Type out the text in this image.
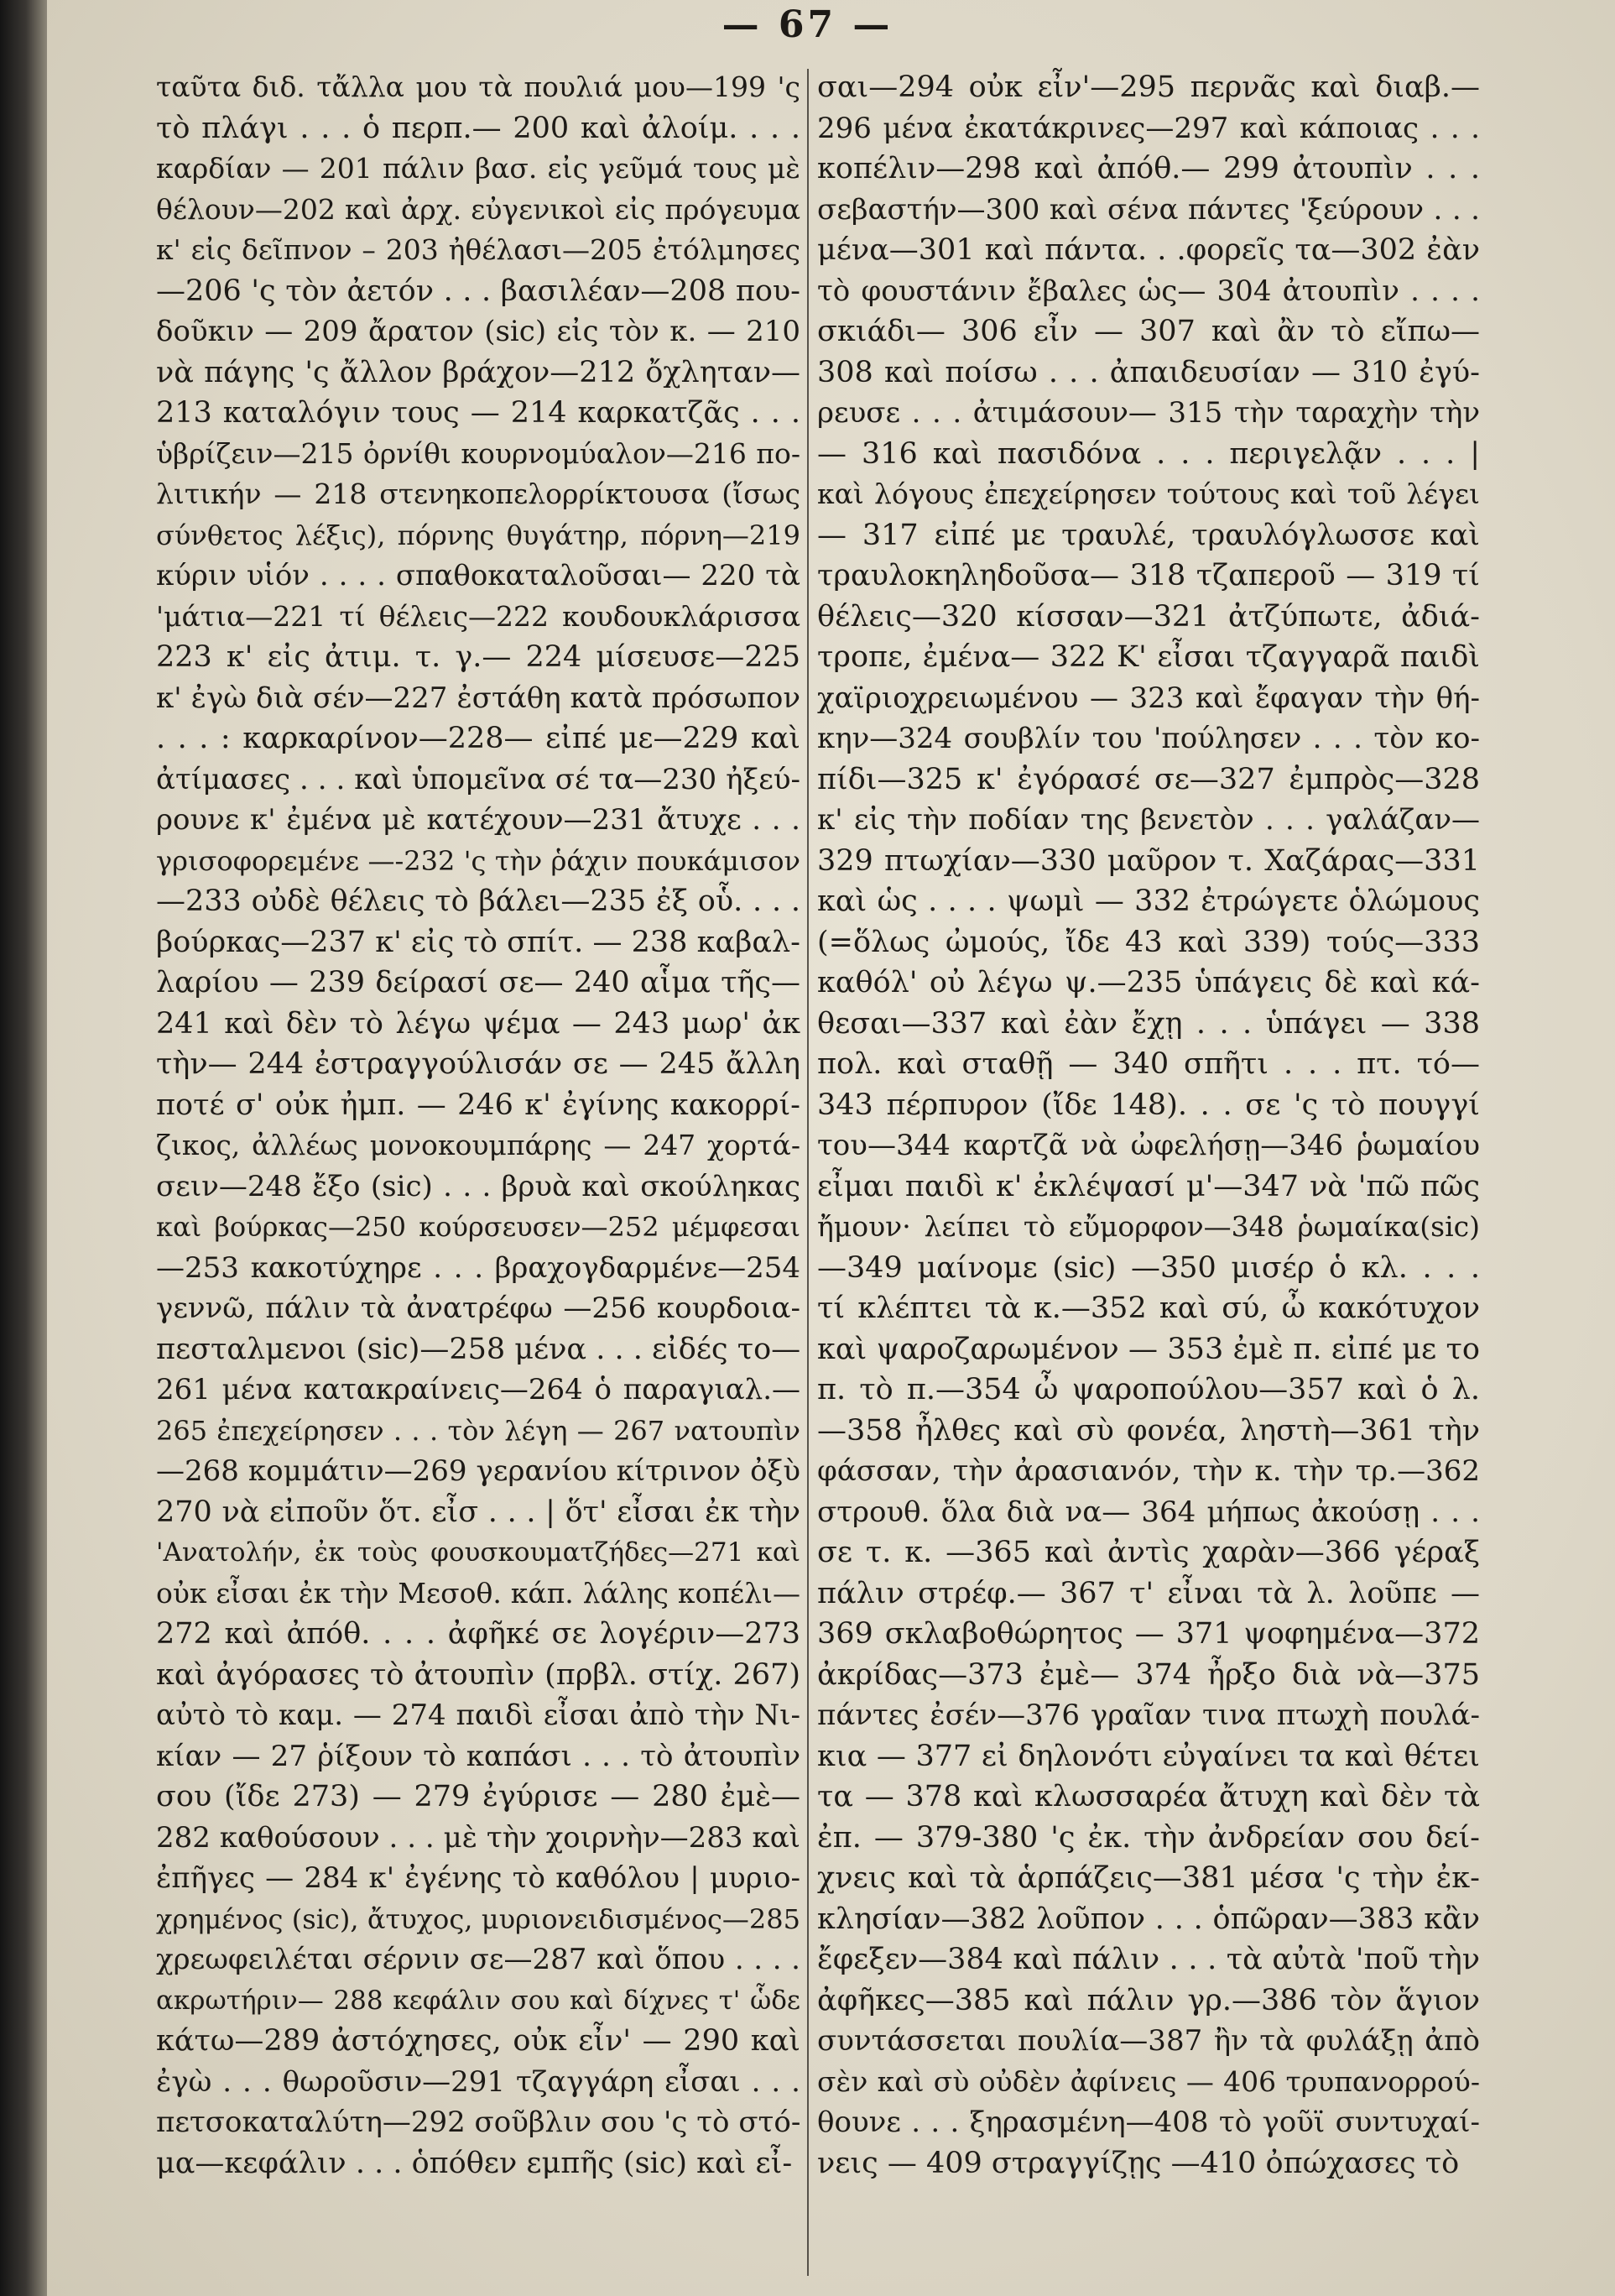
— 67 —
ταῦτα διδ. τἄλλα μου τὰ πουλιά μου—199 'ς
τὸ πλάγι . . . ὁ περπ.— 200 καὶ ἀλοίμ. . . .
καρδίαν — 201 πάλιν βασ. εἰς γεῦμά τους μὲ
θέλουν—202 καὶ ἀρχ. εὐγενικοὶ εἰς πρόγευμα
κ' εἰς δεῖπνον – 203 ἠθέλασι—205 ἐτόλμησες
—206 'ς τὸν ἀετόν . . . βασιλέαν—208 που-
δοῦκιν — 209 ἄρατον (sic) εἰς τὸν κ. — 210
νὰ πάγης 'ς ἄλλον βράχον—212 ὄχληταν—
213 καταλόγιν τους — 214 καρκατζᾶς . . .
ὑβρίζειν—215 ὀρνίθι κουρνομύαλον—216 πο-
λιτικήν — 218 στενηκοπελορρίκτουσα (ἴσως
σύνθετος λέξις), πόρνης θυγάτηρ, πόρνη—219
κύριν υἱόν . . . . σπαθοκαταλοῦσαι— 220 τὰ
'μάτια—221 τί θέλεις—222 κουδουκλάρισσα
223 κ' εἰς ἀτιμ. τ. γ.— 224 μίσευσε—225
κ' ἐγὼ διὰ σέν—227 ἐστάθη κατὰ πρόσωπον
. . . : καρκαρίνον—228— εἰπέ με—229 καὶ
ἀτίμασες . . . καὶ ὑπομεῖνα σέ τα—230 ἠξεύ-
ρουνε κ' ἐμένα μὲ κατέχουν—231 ἄτυχε . . .
γρισοφορεμένε —-232 'ς τὴν ῥάχιν πουκάμισον
—233 οὐδὲ θέλεις τὸ βάλει—235 ἐξ οὗ. . . .
βούρκας—237 κ' εἰς τὸ σπίτ. — 238 καβαλ-
λαρίου — 239 δείρασί σε— 240 αἷμα τῆς—
241 καὶ δὲν τὸ λέγω ψέμα — 243 μωρ' ἀκ
τὴν— 244 ἐστραγγούλισάν σε — 245 ἄλλη
ποτέ σ' οὐκ ἠμπ. — 246 κ' ἐγίνης κακορρί-
ζικος, ἀλλέως μονοκουμπάρης — 247 χορτά-
σειν—248 ἔξο (sic) . . . βρυὰ καὶ σκούληκας
καὶ βούρκας—250 κούρσευσεν—252 μέμφεσαι
—253 κακοτύχηρε . . . βραχογδαρμένε—254
γεννῶ, πάλιν τὰ ἀνατρέφω —256 κουρδοια-
πεσταλμενοι (sic)—258 μένα . . . εἰδές το—
261 μένα κατακραίνεις—264 ὁ παραγιαλ.—
265 ἐπεχείρησεν . . . τὸν λέγη — 267 νατουπὶν
—268 κομμάτιν—269 γερανίου κίτρινον ὀξὺ
270 νὰ εἰποῦν ὅτ. εἶσ . . . | ὅτ' εἶσαι ἐκ τὴν
'Ανατολήν, ἐκ τοὺς φουσκουματζήδες—271 καὶ
οὐκ εἶσαι ἐκ τὴν Μεσοθ. κάπ. λάλης κοπέλι—
272 καὶ ἀπόθ. . . . ἀφῆκέ σε λογέριν—273
καὶ ἀγόρασες τὸ ἀτουπὶν (πρβλ. στίχ. 267)
αὐτὸ τὸ καμ. — 274 παιδὶ εἶσαι ἀπὸ τὴν Νι-
κίαν — 27 ῥίξουν τὸ καπάσι . . . τὸ ἀτουπὶν
σου (ἴδε 273) — 279 ἐγύρισε — 280 ἐμὲ—
282 καθούσουν . . . μὲ τὴν χοιρνὴν—283 καὶ
ἐπῆγες — 284 κ' ἐγένης τὸ καθόλου | μυριο-
χρημένος (sic), ἄτυχος, μυριονειδισμένος—285
χρεωφειλέται σέρνιν σε—287 καὶ ὅπου . . . .
ακρωτήριν— 288 κεφάλιν σου καὶ δίχνες τ' ὧδε
κάτω—289 ἀστόχησες, οὐκ εἶν' — 290 καὶ
ἐγὼ . . . θωροῦσιν—291 τζαγγάρη εἶσαι . . .
πετσοκαταλύτη—292 σοῦβλιν σου 'ς τὸ στό-
μα—κεφάλιν . . . ὁπόθεν εμπῆς (sic) καὶ εἶ-
σαι—294 οὐκ εἶν'—295 περνᾶς καὶ διαβ.—
296 μένα ἐκατάκρινες—297 καὶ κάποιας . . .
κοπέλιν—298 καὶ ἀπόθ.— 299 ἀτουπὶν . . .
σεβαστήν—300 καὶ σένα πάντες 'ξεύρουν . . .
μένα—301 καὶ πάντα. . .φορεῖς τα—302 ἐὰν
τὸ φουστάνιν ἔβαλες ὡς— 304 ἀτουπὶν . . . .
σκιάδι— 306 εἶν — 307 καὶ ἂν τὸ εἴπω—
308 καὶ ποίσω . . . ἀπαιδευσίαν — 310 ἐγύ-
ρευσε . . . ἀτιμάσουν— 315 τὴν ταραχὴν τὴν
— 316 καὶ πασιδόνα . . . περιγελᾷν . . . |
καὶ λόγους ἐπεχείρησεν τούτους καὶ τοῦ λέγει
— 317 εἰπέ με τραυλέ, τραυλόγλωσσε καὶ
τραυλοκηληδοῦσα— 318 τζαπεροῦ — 319 τί
θέλεις—320 κίσσαν—321 ἀτζύπωτε, ἀδιά-
τροπε, ἐμένα— 322 Κ' εἶσαι τζαγγαρᾶ παιδὶ
χαϊριοχρειωμένου — 323 καὶ ἔφαγαν τὴν θή-
κην—324 σουβλίν του 'πούλησεν . . . τὸν κο-
πίδι—325 κ' ἐγόρασέ σε—327 ἐμπρὸς—328
κ' εἰς τὴν ποδίαν της βενετὸν . . . γαλάζαν—
329 πτωχίαν—330 μαῦρον τ. Χαζάρας—331
καὶ ὡς . . . . ψωμὶ — 332 ἐτρώγετε ὁλώμους
(=ὅλως ὠμούς, ἴδε 43 καὶ 339) τούς—333
καθόλ' οὐ λέγω ψ.—235 ὑπάγεις δὲ καὶ κά-
θεσαι—337 καὶ ἐὰν ἔχῃ . . . ὑπάγει — 338
πολ. καὶ σταθῇ — 340 σπῆτι . . . πτ. τό—
343 πέρπυρον (ἴδε 148). . . σε 'ς τὸ πουγγί
του—344 καρτζᾶ νὰ ὠφελήσῃ—346 ῥωμαίου
εἶμαι παιδὶ κ' ἐκλέψασί μ'—347 νὰ 'πῶ πῶς
ἤμουν· λείπει τὸ εὔμορφον—348 ῥωμαίκα(sic)
—349 μαίνομε (sic) —350 μισέρ ὁ κλ. . . .
τί κλέπτει τὰ κ.—352 καὶ σύ, ὦ κακότυχον
καὶ ψαροζαρωμένον — 353 ἐμὲ π. εἰπέ με το
π. τὸ π.—354 ὦ ψαροπούλου—357 καὶ ὁ λ.
—358 ἦλθες καὶ σὺ φονέα, ληστὴ—361 τὴν
φάσσαν, τὴν ἀρασιανόν, τὴν κ. τὴν τρ.—362
στρουθ. ὅλα διὰ να— 364 μήπως ἀκούσῃ . . .
σε τ. κ. —365 καὶ ἀντὶς χαρὰν—366 γέραξ
πάλιν στρέφ.— 367 τ' εἶναι τὰ λ. λοῦπε —
369 σκλαβοθώρητος — 371 ψοφημένα—372
ἀκρίδας—373 ἐμὲ— 374 ἦρξο διὰ νὰ—375
πάντες ἐσέν—376 γραῖαν τινα πτωχὴ πουλά-
κια — 377 εἰ δηλονότι εὐγαίνει τα καὶ θέτει
τα — 378 καὶ κλωσσαρέα ἄτυχη καὶ δὲν τὰ
ἐπ. — 379-380 'ς ἐκ. τὴν ἀνδρείαν σου δεί-
χνεις καὶ τὰ ἁρπάζεις—381 μέσα 'ς τὴν ἐκ-
κλησίαν—382 λοῦπον . . . ὁπῶραν—383 κἂν
ἔφεξεν—384 καὶ πάλιν . . . τὰ αὐτὰ 'ποῦ τὴν
ἀφῆκες—385 καὶ πάλιν γρ.—386 τὸν ἅγιον
συντάσσεται πουλία—387 ἢν τὰ φυλάξῃ ἀπὸ
σὲν καὶ σὺ οὐδὲν ἀφίνεις — 406 τρυπανορρού-
θουνε . . . ξηρασμένη—408 τὸ γοῦϊ συντυχαί-
νεις — 409 στραγγίζῃς —410 ὀπώχασες τὸ
